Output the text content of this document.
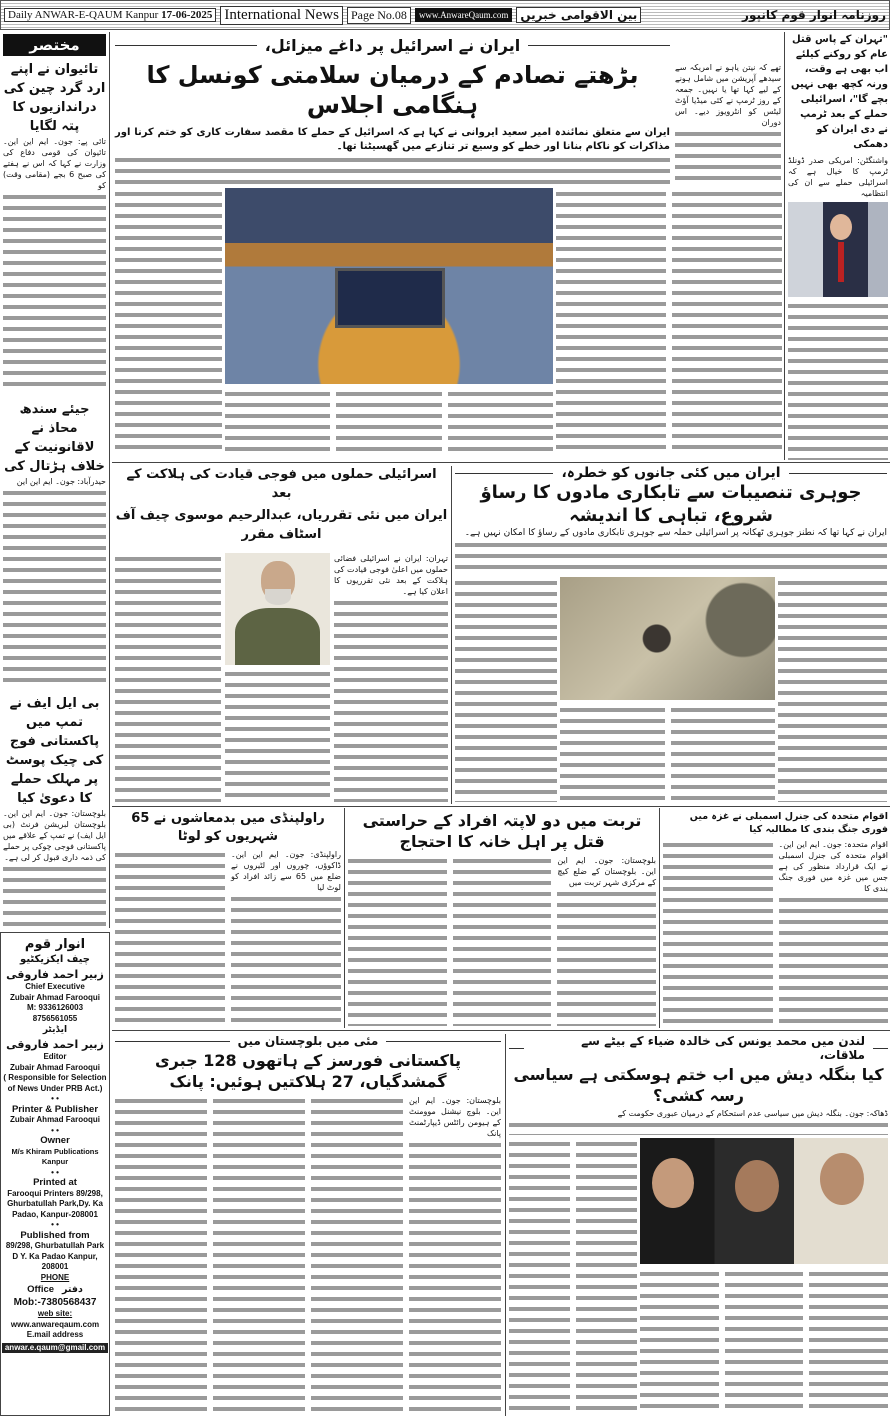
Daily ANWAR-E-QAUM Kanpur 17-06-2025 International News	Page No.08	www.AnwareQaum.com	بین الاقوامی خبریں	روزنامہ انوار قوم کانپور
مختصر
تائیوان نے اپنے ارد گرد چین کی دراندازیوں کا پتہ لگایا
تائی پے: جون۔ ایم این این۔ تائیوان کی قومی دفاع کی وزارت نے کہا کہ اس نے ہفتے کی صبح 6 بجے (مقامی وقت) کو
جیئے سندھ محاذ نے لاقانونیت کے خلاف ہڑتال کی
حیدرآباد: جون۔ ایم این این
بی ایل ایف نے تمپ میں پاکستانی فوج کی چیک پوسٹ پر مہلک حملے کا دعویٰ کیا
بلوچستان: جون۔ ایم این این۔ بلوچستان لبریشن فرنٹ (بی ایل ایف) نے تمپ کے علاقے میں پاکستانی فوجی چوکی پر حملے کی ذمہ داری قبول کر لی ہے۔
انوار قوم
چیف ایکزیکٹیو
زبیر احمد فاروقی
Chief Executive
Zubair Ahmad Farooqui
M: 9336126003
8756561055
ایڈیٹر
زبیر احمد فاروقی
Editor
Zubair Ahmad Farooqui
( Responsible for Selection of News Under PRB Act.)
• •
Printer & Publisher
Zubair Ahmad Farooqui
• •
Owner
M/s Khiram Publications Kanpur
• •
Printed at
Farooqui Printers 89/298, Ghurbatullah Park,Dy. Ka Padao, Kanpur-208001
• •
Published from
89/298, Ghurbatullah Park D Y. Ka Padao Kanpur, 208001
PHONE
Office دفتر
Mob:-7380568437
web site:
www.anwareqaum.com
E.mail address
anwar.e.qaum@gmail.com
"تہران کے پاس قتل عام کو روکنے کیلئے اب بھی ہے وقت، ورنہ کچھ بھی نہیں بچے گا"، اسرائیلی حملے کے بعد ٹرمپ نے دی ایران کو دھمکی
واشنگٹن: امریکی صدر ڈونلڈ ٹرمپ کا خیال ہے کہ اسرائیلی حملے سے ان کی انتظامیہ
تھے کہ نیتن یاہو نے امریکہ سے سیدھے آپریشن میں شامل ہونے کے لیے کہا تھا یا نہیں۔ جمعہ کے روز ٹرمپ نے کئی میڈیا آؤٹ لیٹس کو انٹرویوز دیے۔ اس دوران
ایران نے اسرائیل پر داغے میزائل،
بڑھتے تصادم کے درمیان سلامتی کونسل کا ہنگامی اجلاس
ایران سے متعلق نمائندہ امیر سعید ایروانی نے کہا ہے کہ اسرائیل کے حملے کا مقصد سفارت کاری کو ختم کرنا اور مذاکرات کو ناکام بنانا اور خطے کو وسیع تر تنازعے میں گھسیٹنا تھا۔
ایران میں کئی جانوں کو خطرہ،
جوہری تنصیبات سے تابکاری مادوں کا رساؤ شروع، تباہی کا اندیشہ
ایران نے کہا تھا کہ نطنز جوہری ٹھکانہ پر اسرائیلی حملہ سے جوہری تابکاری مادوں کے رساؤ کا امکان نہیں ہے۔
اسرائیلی حملوں میں فوجی قیادت کی ہلاکت کے بعد
ایران میں نئی تقرریاں، عبدالرحیم موسوی چیف آف اسٹاف مقرر
تہران: ایران نے اسرائیلی فضائی حملوں میں اعلیٰ فوجی قیادت کی ہلاکت کے بعد نئی تقرریوں کا اعلان کیا ہے۔
اقوام متحدہ کی جنرل اسمبلی نے غزہ میں فوری جنگ بندی کا مطالبہ کیا
اقوام متحدہ: جون۔ ایم این این۔ اقوام متحدہ کی جنرل اسمبلی نے ایک قرارداد منظور کی ہے جس میں غزہ میں فوری جنگ بندی کا
تربت میں دو لاپتہ افراد کے حراستی قتل پر اہل خانہ کا احتجاج
بلوچستان: جون۔ ایم این این۔ بلوچستان کے ضلع کیچ کے مرکزی شہر تربت میں
راولپنڈی میں بدمعاشوں نے 65 شہریوں کو لوٹا
راولپنڈی: جون۔ ایم این این۔ ڈاکوؤں، چوروں اور لٹیروں نے ضلع میں 65 سے زائد افراد کو لوٹ لیا
لندن میں محمد یونس کی خالدہ ضیاء کے بیٹے سے ملاقات،
کیا بنگلہ دیش میں اب ختم ہوسکتی ہے سیاسی رسہ کشی؟
ڈھاکہ: جون۔ بنگلہ دیش میں سیاسی عدم استحکام کے درمیان عبوری حکومت کے
مئی میں بلوچستان میں
پاکستانی فورسز کے ہاتھوں 128 جبری گمشدگیاں، 27 ہلاکتیں ہوئیں: پانک
بلوچستان: جون۔ ایم این این۔ بلوچ نیشنل موومنٹ کے ہیومن رائٹس ڈیپارٹمنٹ پانک
